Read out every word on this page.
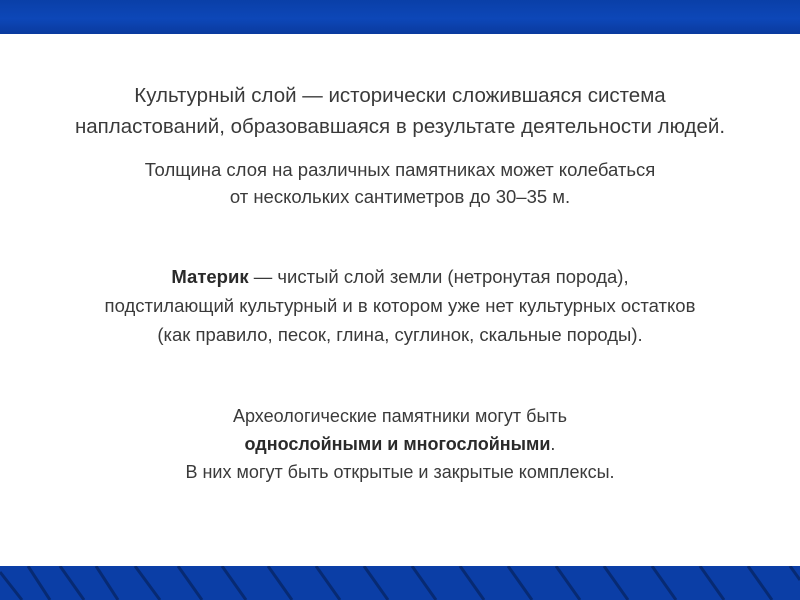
Культурный слой — исторически сложившаяся система
напластований, образовавшаяся в результате деятельности людей.

Толщина слоя на различных памятниках может колебаться
от нескольких сантиметров до 30–35 м.

Материк — чистый слой земли (нетронутая порода),
подстилающий культурный и в котором уже нет культурных остатков
(как правило, песок, глина, суглинок, скальные породы).

Археологические памятники могут быть
однослойными и многослойными.
В них могут быть открытые и закрытые комплексы.
